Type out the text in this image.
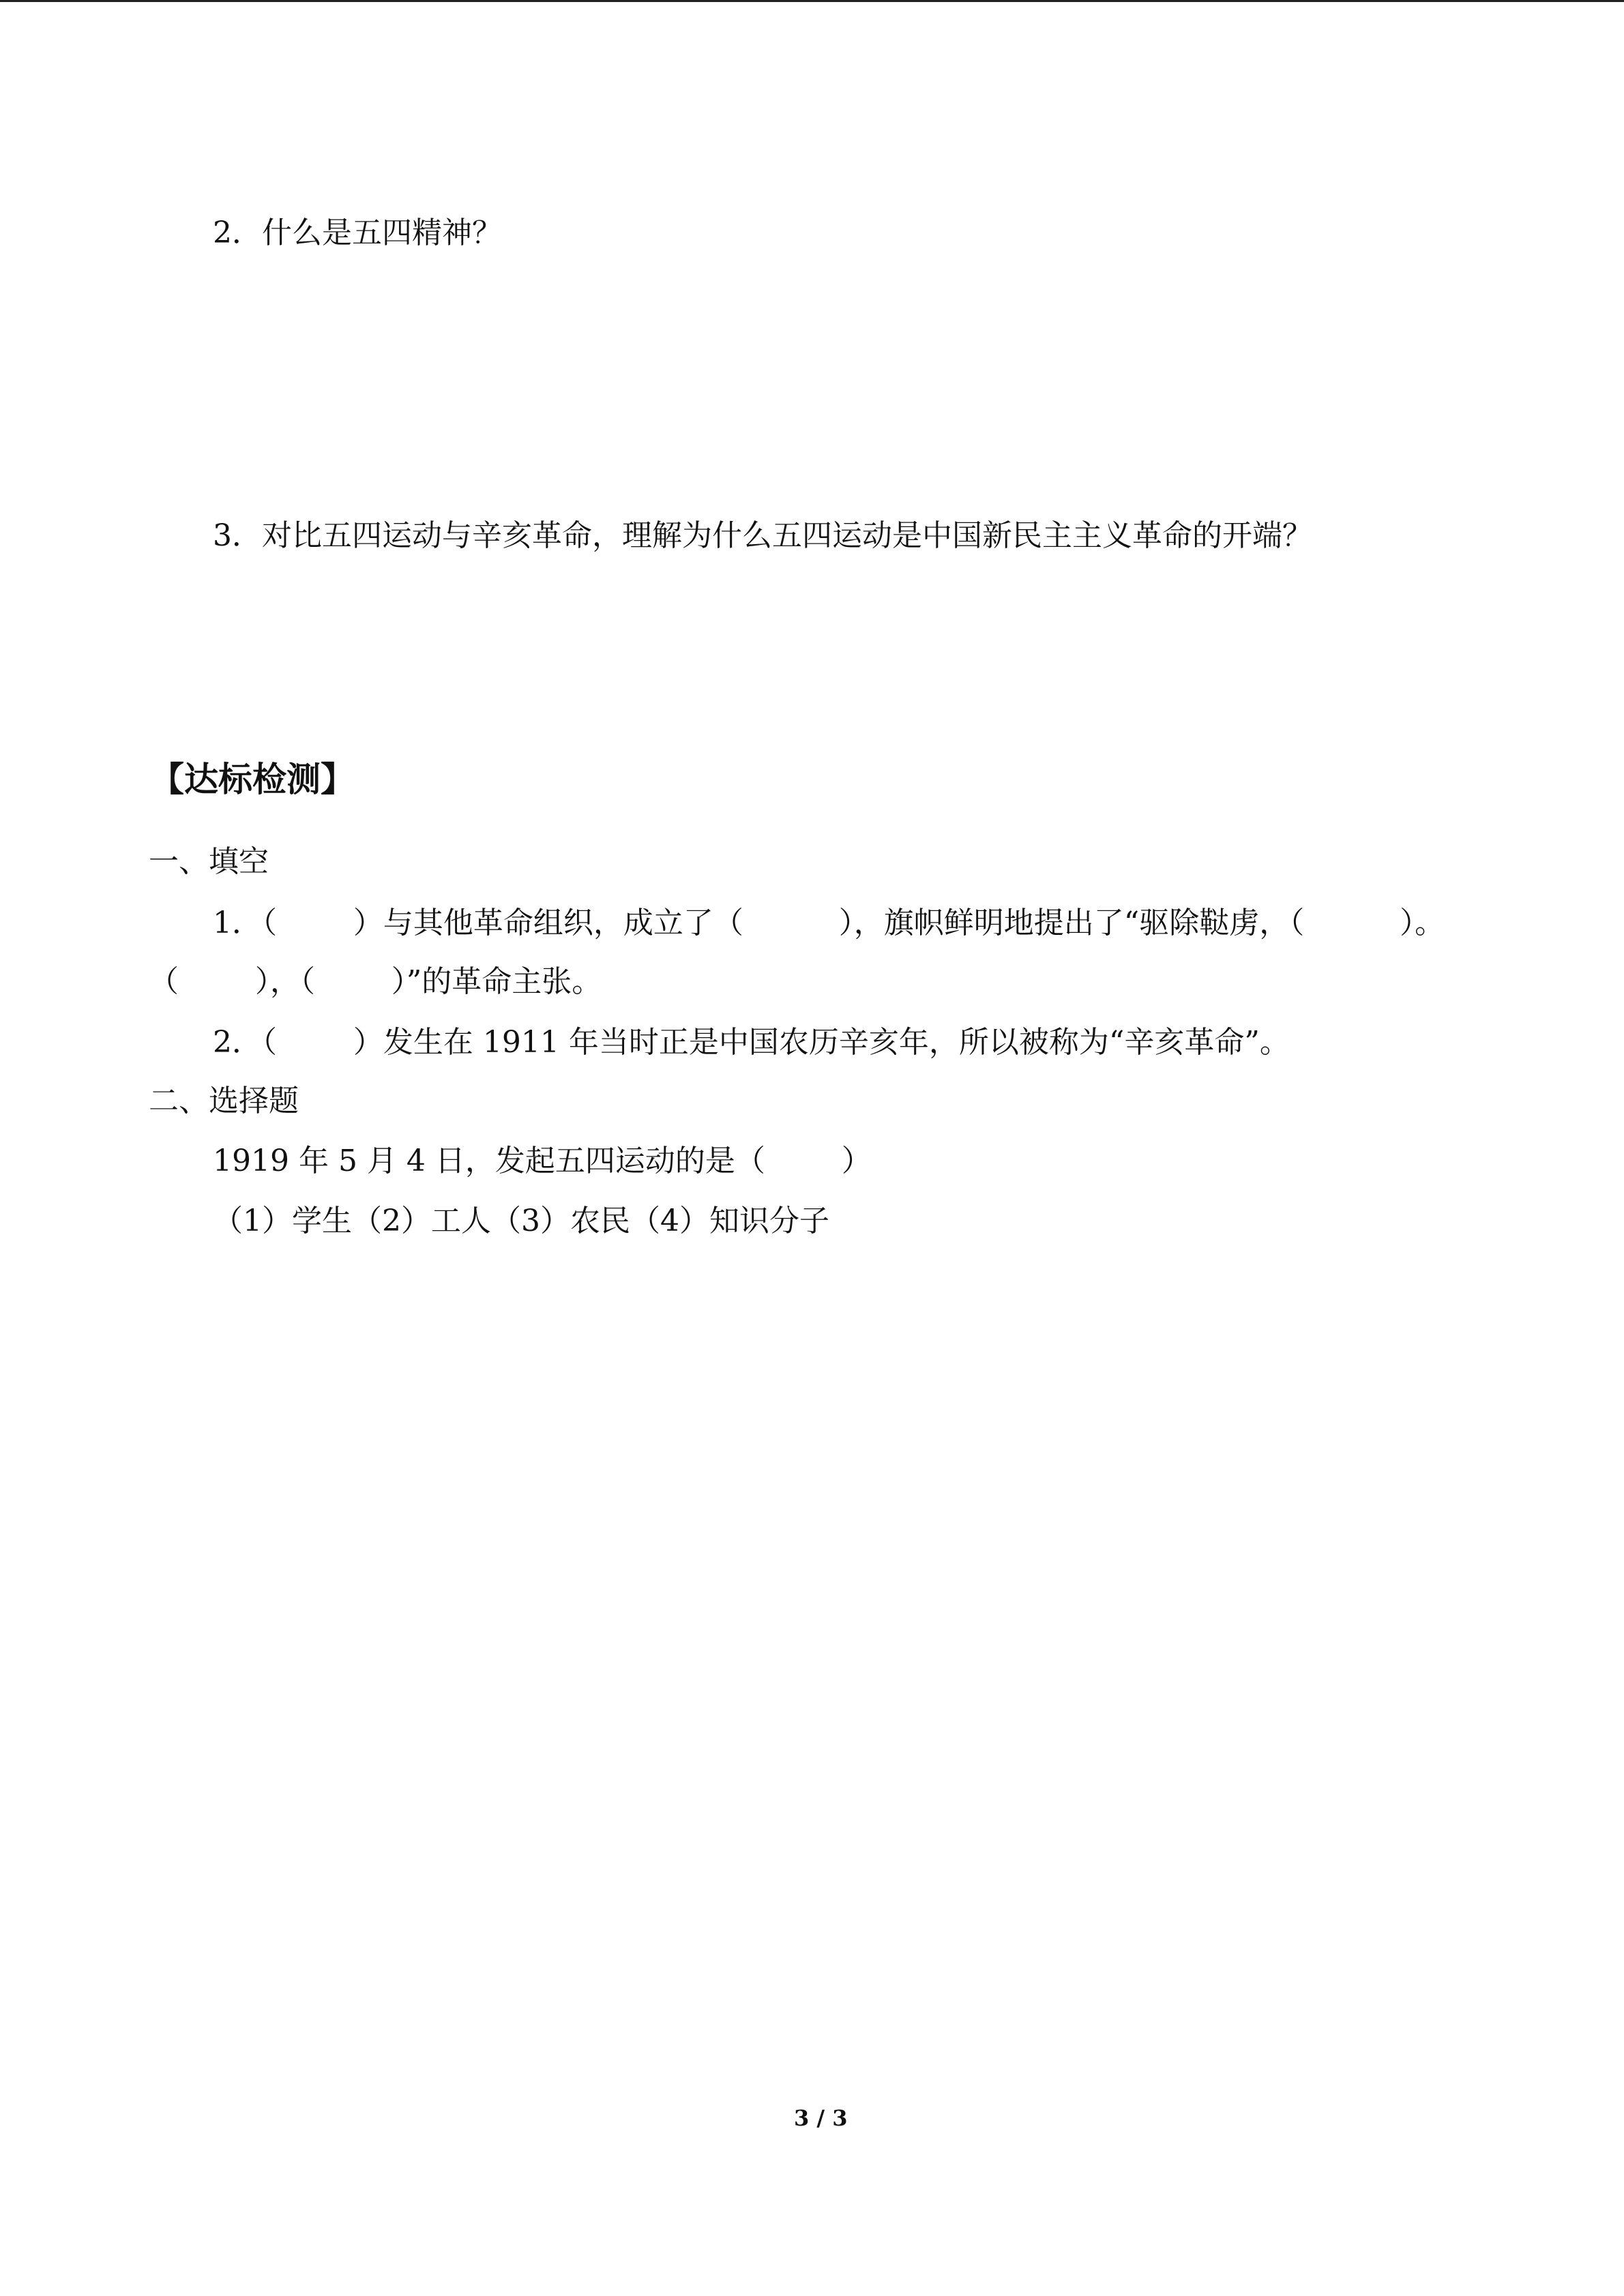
2．什么是五四精神？
3．对比五四运动与辛亥革命，理解为什么五四运动是中国新民主主义革命的开端？
【达标检测】
一、填空
1．（        ）与其他革命组织，成立了（          ），旗帜鲜明地提出了“驱除鞑虏，（          ）。
（        ），（        ）”的革命主张。
2．（        ）发生在 1911 年当时正是中国农历辛亥年，所以被称为“辛亥革命”。
二、选择题
1919 年 5 月 4 日，发起五四运动的是（        ）
（1）学生（2）工人（3）农民（4）知识分子
3 / 3
